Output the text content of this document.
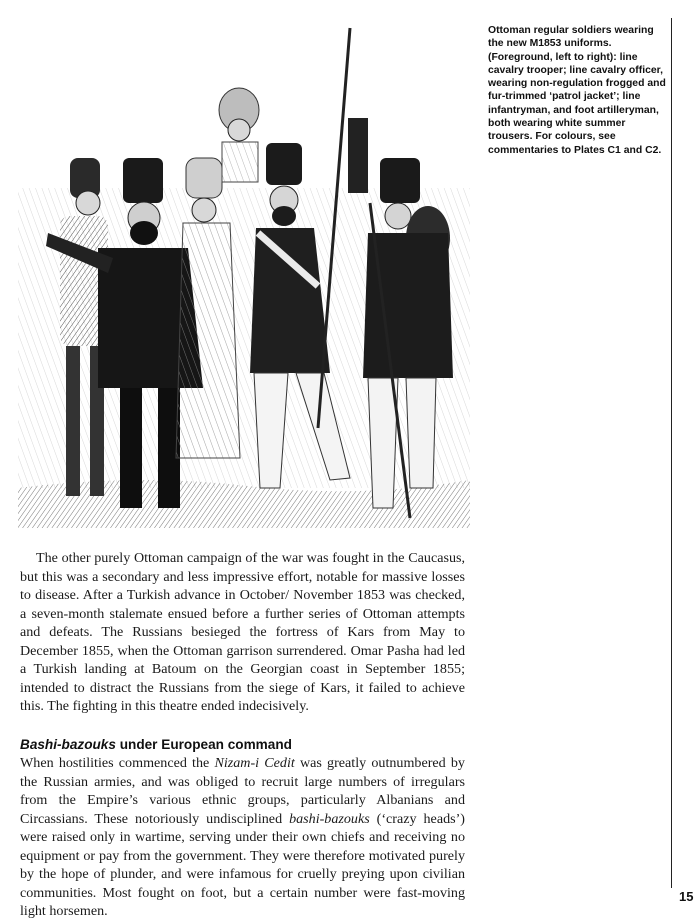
Ottoman regular soldiers wearing the new M1853 uniforms. (Foreground, left to right): line cavalry trooper; line cavalry officer, wearing non-regulation frogged and fur-trimmed ‘patrol jacket’; line infantryman, and foot artilleryman, both wearing white summer trousers. For colours, see commentaries to Plates C1 and C2.

The other purely Ottoman campaign of the war was fought in the Caucasus, but this was a secondary and less impressive effort, notable for massive losses to disease. After a Turkish advance in October/ November 1853 was checked, a seven-month stalemate ensued before a further series of Ottoman attempts and defeats. The Russians besieged the fortress of Kars from May to December 1855, when the Ottoman garrison surrendered. Omar Pasha had led a Turkish landing at Batoum on the Georgian coast in September 1855; intended to distract the Russians from the siege of Kars, it failed to achieve this. The fighting in this theatre ended indecisively.

Bashi-bazouks under European command

When hostilities commenced the Nizam-i Cedit was greatly outnumbered by the Russian armies, and was obliged to recruit large numbers of irregulars from the Empire’s various ethnic groups, particularly Albanians and Circassians. These notoriously undisciplined bashi-bazouks (‘crazy heads’) were raised only in wartime, serving under their own chiefs and receiving no equipment or pay from the government. They were therefore motivated purely by the hope of plunder, and were infamous for cruelly preying upon civilian communities. Most fought on foot, but a certain number were fast-moving light horsemen.

15
